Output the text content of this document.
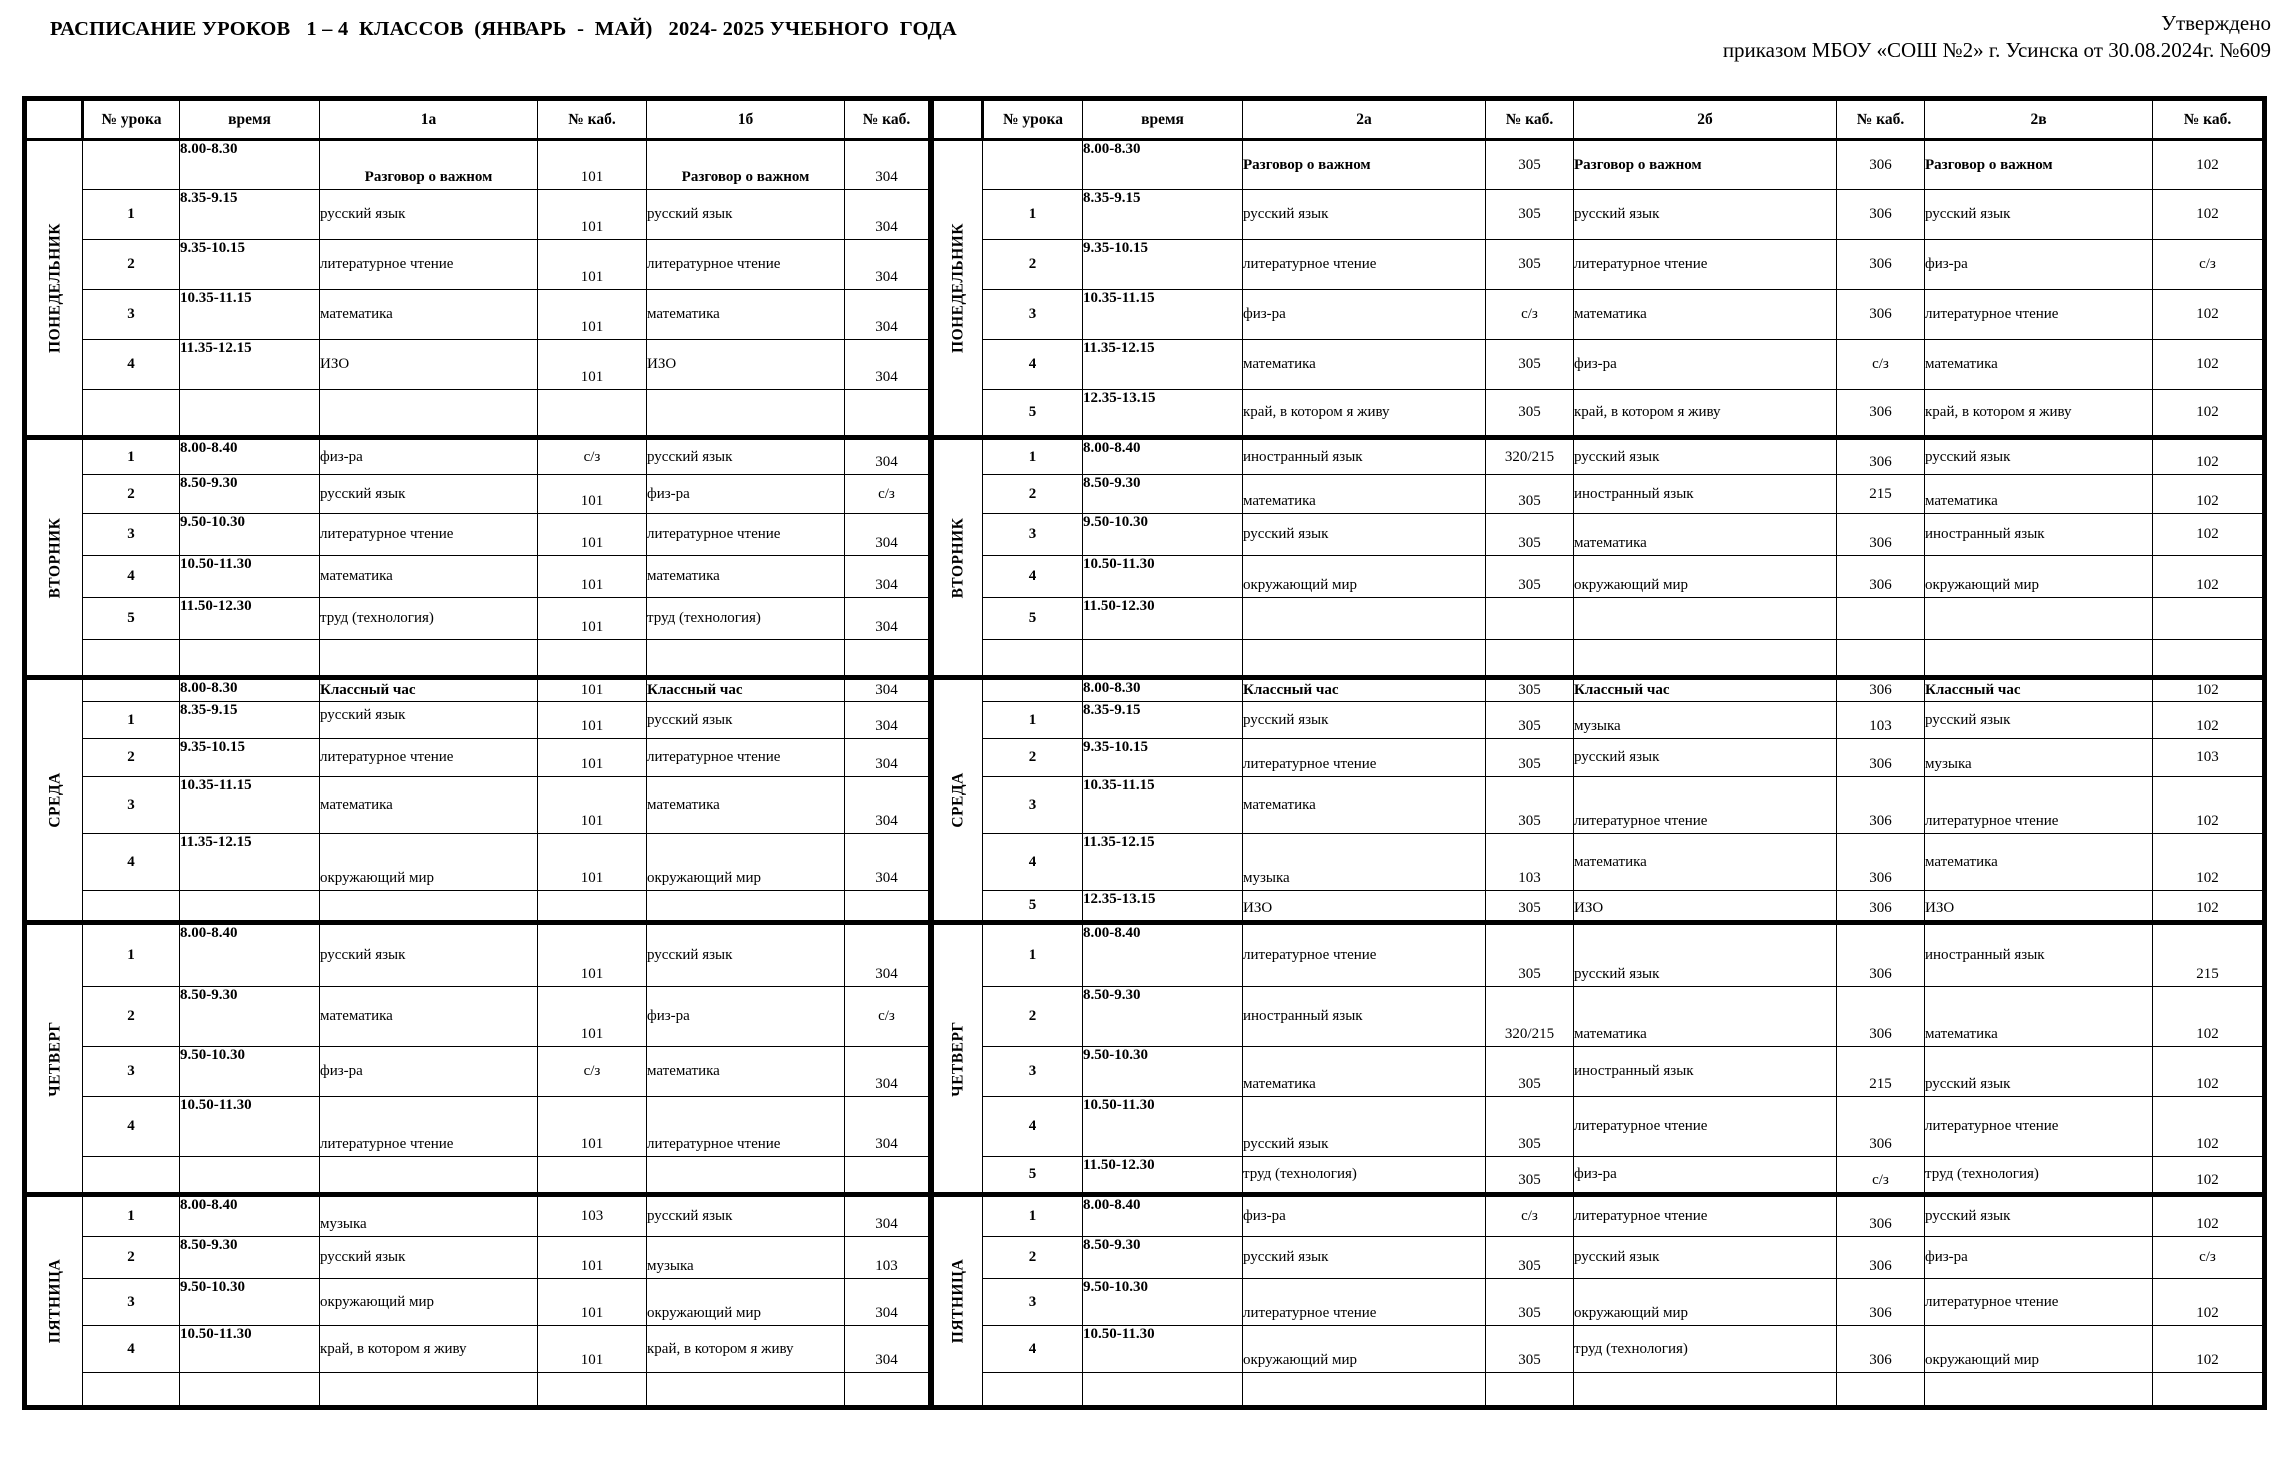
РАСПИСАНИЕ УРОКОВ   1 – 4  КЛАССОВ  (ЯНВАРЬ  -  МАЙ)   2024- 2025 УЧЕБНОГО  ГОДА	Утверждено
приказом МБОУ «СОШ №2» г. Усинска от 30.08.2024г. №609
	№ урока	время	1а	№ каб.	1б	№ каб.

ПОНЕДЕЛЬНИК		8.00-8.30	Разговор о важном	101	Разговор о важном	304
	1	8.35-9.15	русский язык	101	русский язык	304
	2	9.35-10.15	литературное чтение	101	литературное чтение	304
	3	10.35-11.15	математика	101	математика	304
	4	11.35-12.15	ИЗО	101	ИЗО	304

ВТОРНИК	1	8.00-8.40	физ-ра	с/з	русский язык	304
	2	8.50-9.30	русский язык	101	физ-ра	с/з
	3	9.50-10.30	литературное чтение	101	литературное чтение	304
	4	10.50-11.30	математика	101	математика	304
	5	11.50-12.30	труд (технология)	101	труд (технология)	304

СРЕДА		8.00-8.30	Классный час	101	Классный час	304
	1	8.35-9.15	русский язык	101	русский язык	304
	2	9.35-10.15	литературное чтение	101	литературное чтение	304
	3	10.35-11.15	математика	101	математика	304
	4	11.35-12.15	окружающий мир	101	окружающий мир	304

ЧЕТВЕРГ	1	8.00-8.40	русский язык	101	русский язык	304
	2	8.50-9.30	математика	101	физ-ра	с/з
	3	9.50-10.30	физ-ра	с/з	математика	304
	4	10.50-11.30	литературное чтение	101	литературное чтение	304

ПЯТНИЦА	1	8.00-8.40	музыка	103	русский язык	304
	2	8.50-9.30	русский язык	101	музыка	103
	3	9.50-10.30	окружающий мир	101	окружающий мир	304
	4	10.50-11.30	край, в котором я живу	101	край, в котором я живу	304

	№ урока	время	2а	№ каб.	2б	№ каб.	2в	№ каб.

ПОНЕДЕЛЬНИК		8.00-8.30	Разговор о важном	305	Разговор о важном	306	Разговор о важном	102
	1	8.35-9.15	русский язык	305	русский язык	306	русский язык	102
	2	9.35-10.15	литературное чтение	305	литературное чтение	306	физ-ра	с/з
	3	10.35-11.15	физ-ра	с/з	математика	306	литературное чтение	102
	4	11.35-12.15	математика	305	физ-ра	с/з	математика	102
	5	12.35-13.15	край, в котором я живу	305	край, в котором я живу	306	край, в котором я живу	102

ВТОРНИК	1	8.00-8.40	иностранный язык	320/215	русский язык	306	русский язык	102
	2	8.50-9.30	математика	305	иностранный язык	215	математика	102
	3	9.50-10.30	русский язык	305	математика	306	иностранный язык	102
	4	10.50-11.30	окружающий мир	305	окружающий мир	306	окружающий мир	102
	5	11.50-12.30						

СРЕДА		8.00-8.30	Классный час	305	Классный час	306	Классный час	102
	1	8.35-9.15	русский язык	305	музыка	103	русский язык	102
	2	9.35-10.15	литературное чтение	305	русский язык	306	музыка	103
	3	10.35-11.15	математика	305	литературное чтение	306	литературное чтение	102
	4	11.35-12.15	музыка	103	математика	306	математика	102
	5	12.35-13.15	ИЗО	305	ИЗО	306	ИЗО	102

ЧЕТВЕРГ	1	8.00-8.40	литературное чтение	305	русский язык	306	иностранный язык	215
	2	8.50-9.30	иностранный язык	320/215	математика	306	математика	102
	3	9.50-10.30	математика	305	иностранный язык	215	русский язык	102
	4	10.50-11.30	русский язык	305	литературное чтение	306	литературное чтение	102
	5	11.50-12.30	труд (технология)	305	физ-ра	с/з	труд (технология)	102

ПЯТНИЦА	1	8.00-8.40	физ-ра	с/з	литературное чтение	306	русский язык	102
	2	8.50-9.30	русский язык	305	русский язык	306	физ-ра	с/з
	3	9.50-10.30	литературное чтение	305	окружающий мир	306	литературное чтение	102
	4	10.50-11.30	окружающий мир	305	труд (технология)	306	окружающий мир	102
